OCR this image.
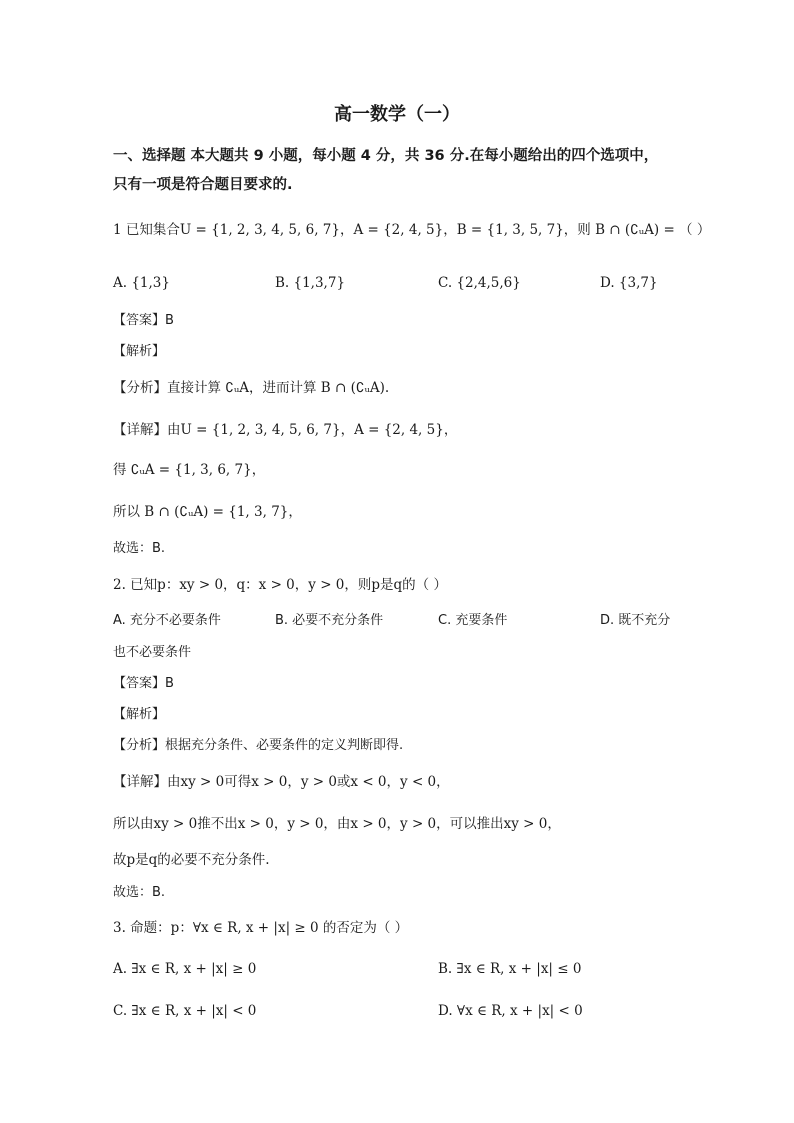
高一数学（一）
一、选择题 本大题共 9 小题，每小题 4 分，共 36 分.在每小题给出的四个选项中，
只有一项是符合题目要求的.
1 已知集合U = {1, 2, 3, 4, 5, 6, 7}，A = {2, 4, 5}，B = {1, 3, 5, 7}，则 B ∩ (∁ᵤA) = （ ）
A. {1,3}	B. {1,3,7}	C. {2,4,5,6}	D. {3,7}
【答案】B
【解析】
【分析】直接计算 ∁ᵤA，进而计算 B ∩ (∁ᵤA).
【详解】由U = {1, 2, 3, 4, 5, 6, 7}，A = {2, 4, 5}，
得 ∁ᵤA = {1, 3, 6, 7}，
所以 B ∩ (∁ᵤA) = {1, 3, 7}，
故选：B.
2. 已知p：xy > 0，q：x > 0，y > 0，则p是q的（ ）
A. 充分不必要条件	B. 必要不充分条件	C. 充要条件	D. 既不充分
也不必要条件
【答案】B
【解析】
【分析】根据充分条件、必要条件的定义判断即得.
【详解】由xy > 0可得x > 0，y > 0或x < 0，y < 0，
所以由xy > 0推不出x > 0，y > 0，由x > 0，y > 0，可以推出xy > 0，
故p是q的必要不充分条件.
故选：B.
3. 命题：p：∀x ∈ R, x + |x| ≥ 0 的否定为（ ）
A. ∃x ∈ R, x + |x| ≥ 0	B. ∃x ∈ R, x + |x| ≤ 0
C. ∃x ∈ R, x + |x| < 0	D. ∀x ∈ R, x + |x| < 0
